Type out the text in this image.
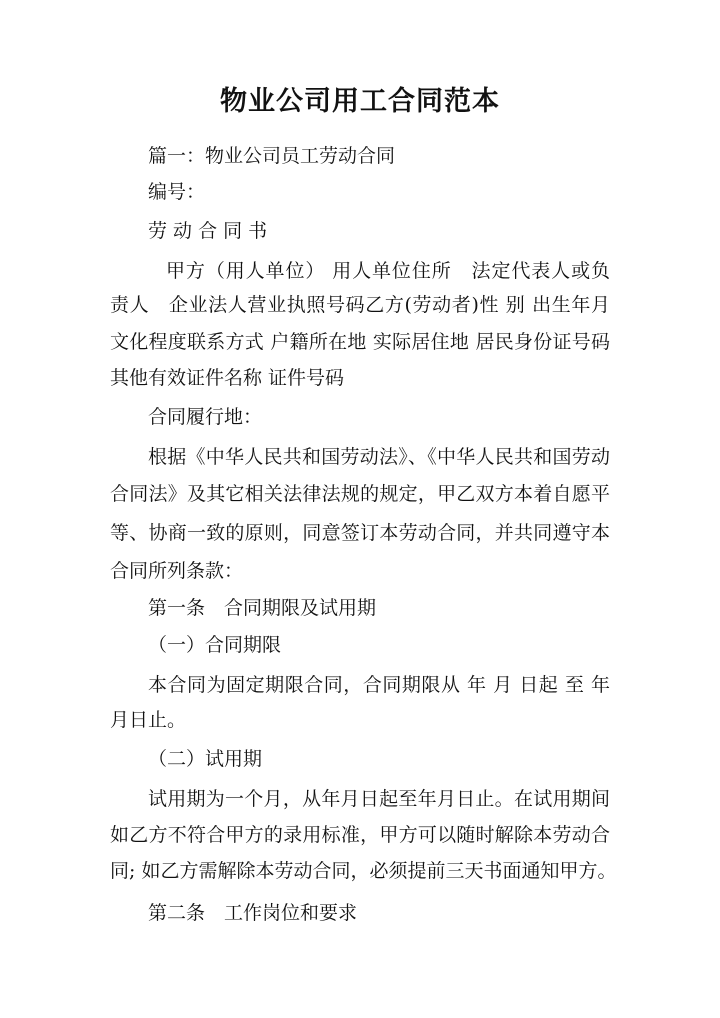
物业公司用工合同范本
篇一：物业公司员工劳动合同
编号：
劳 动 合 同 书
甲方（用人单位） 用人单位住所　法定代表人或负
责人　企业法人营业执照号码乙方(劳动者)性 别 出生年月
文化程度联系方式 户籍所在地 实际居住地 居民身份证号码
其他有效证件名称 证件号码
合同履行地：
根据《中华人民共和国劳动法》、《中华人民共和国劳动
合同法》及其它相关法律法规的规定，甲乙双方本着自愿平
等、协商一致的原则，同意签订本劳动合同，并共同遵守本
合同所列条款：
第一条　合同期限及试用期
（一）合同期限
本合同为固定期限合同，合同期限从 年 月 日起 至 年
月日止。
（二）试用期
试用期为一个月，从年月日起至年月日止。在试用期间
如乙方不符合甲方的录用标准，甲方可以随时解除本劳动合
同; 如乙方需解除本劳动合同，必须提前三天书面通知甲方。
第二条　工作岗位和要求
